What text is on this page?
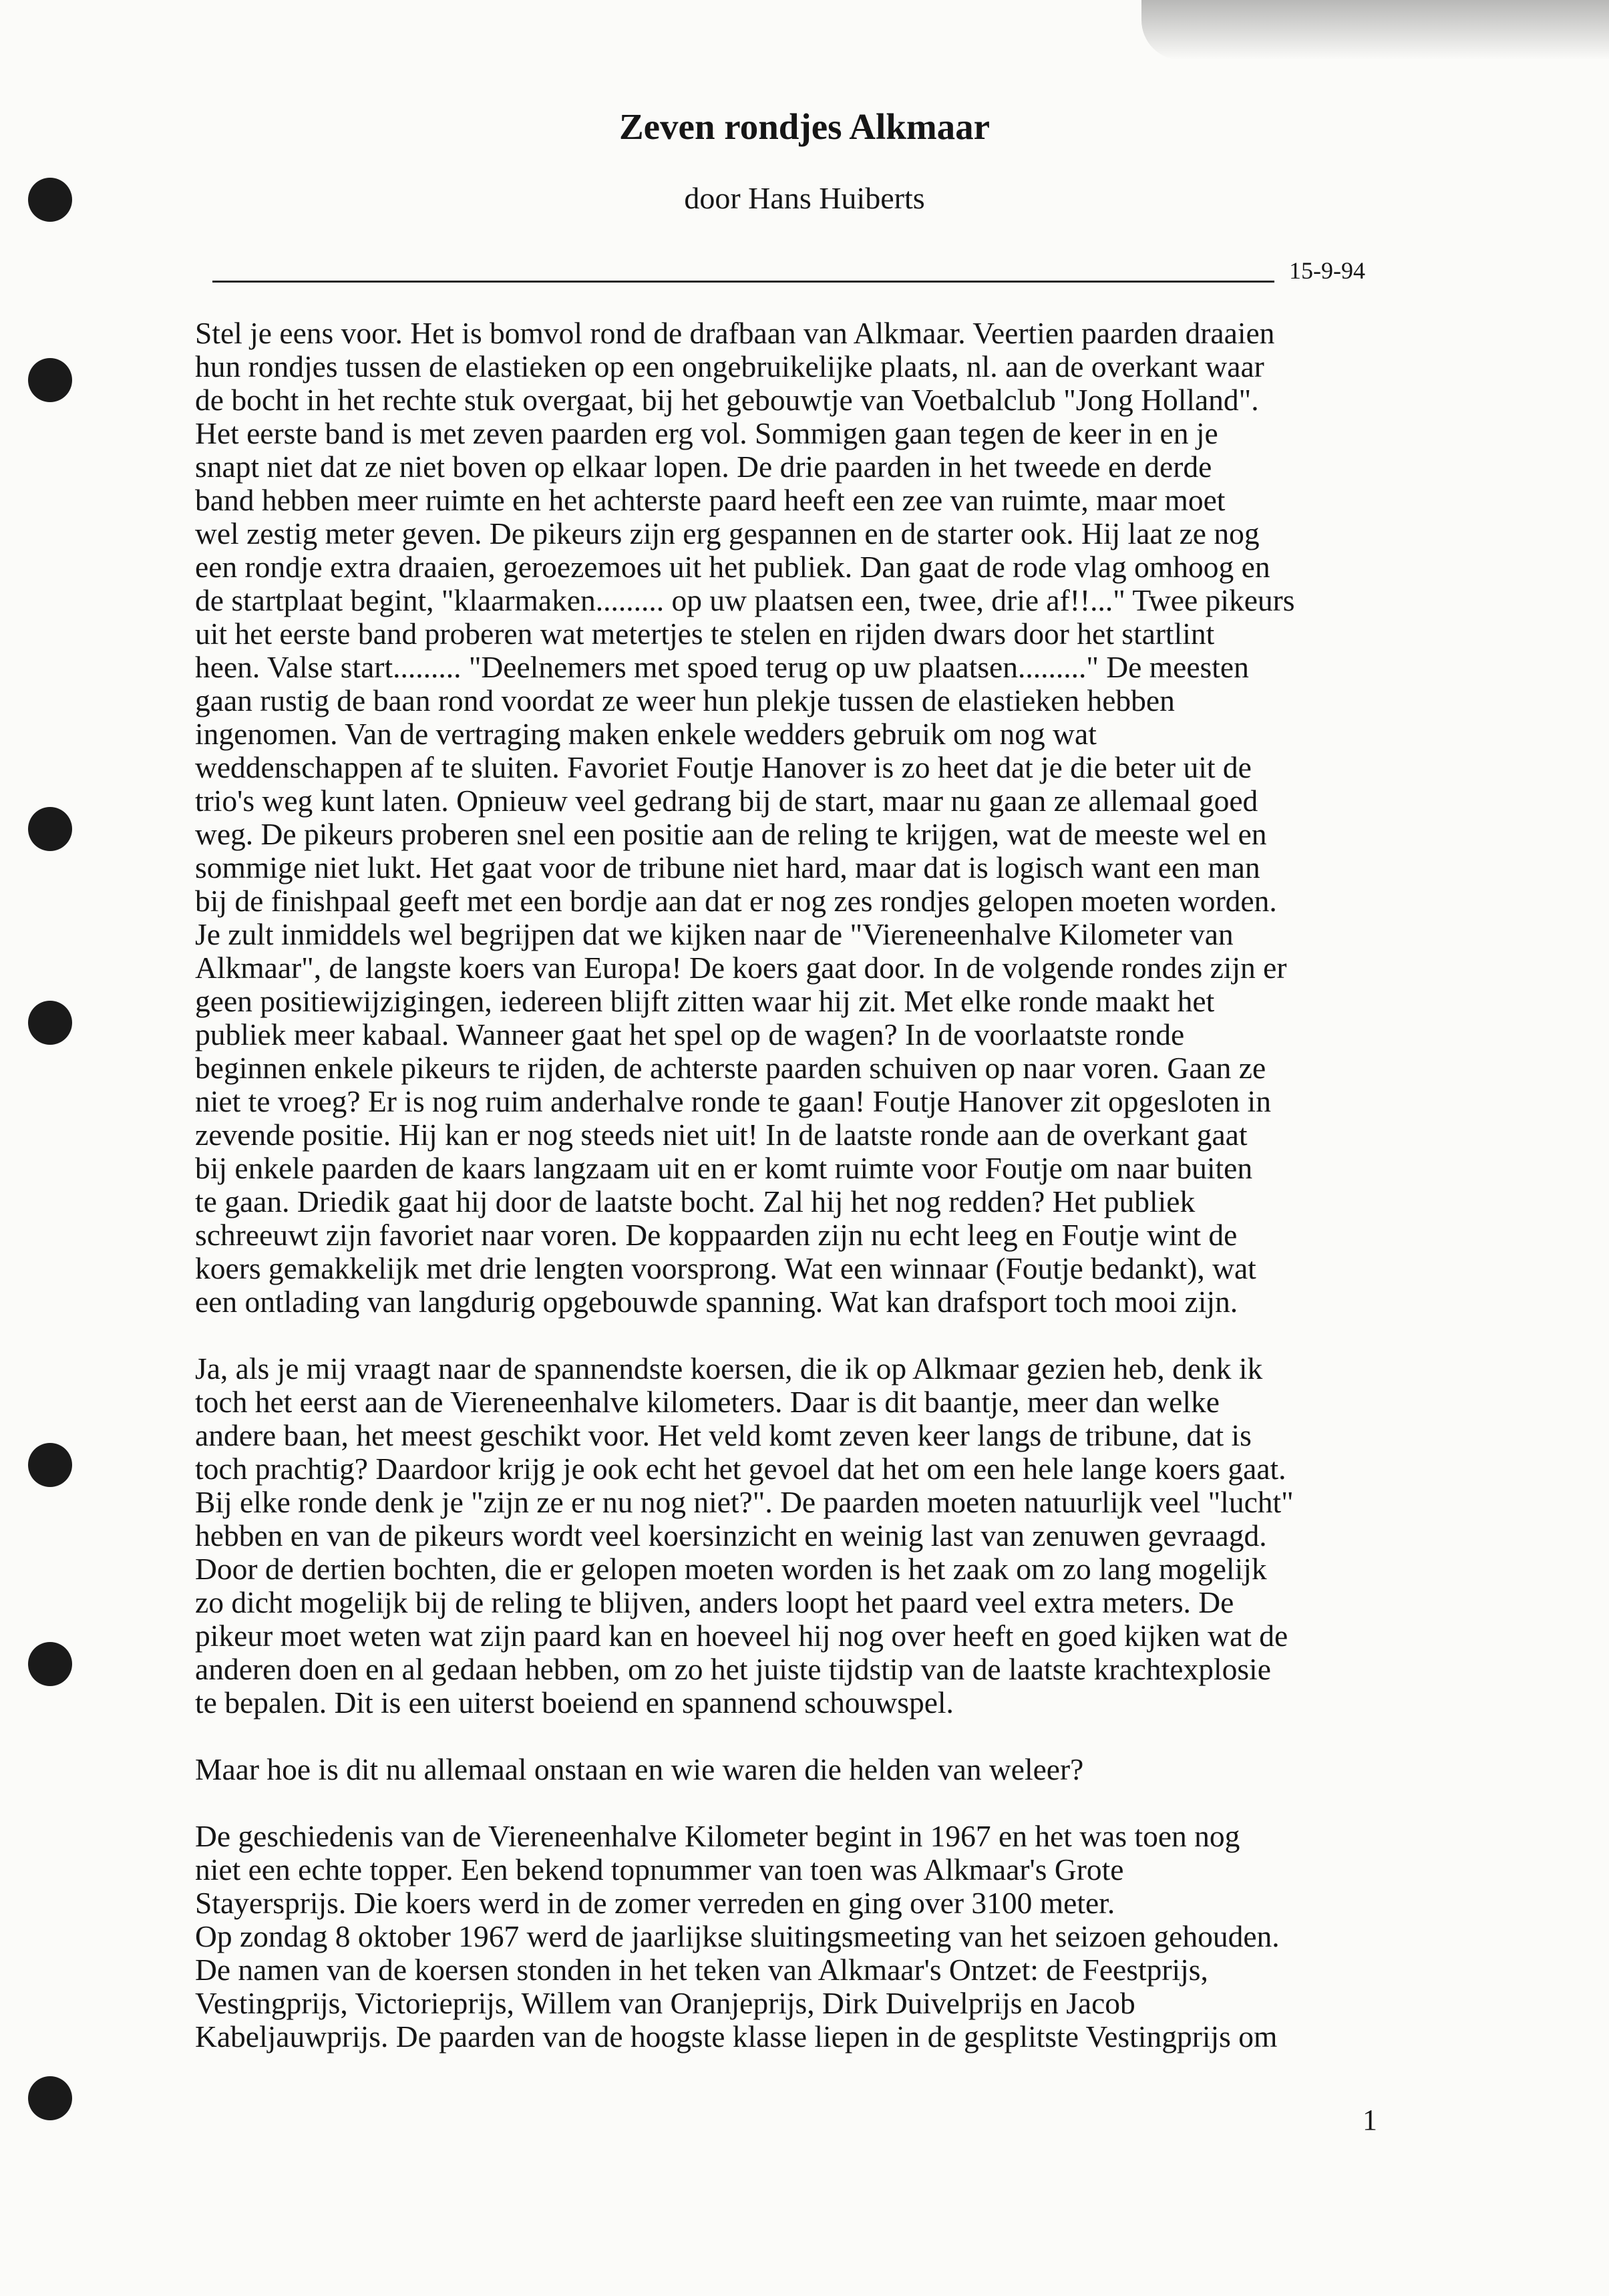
Zeven rondjes Alkmaar
door Hans Huiberts
15-9-94

Stel je eens voor. Het is bomvol rond de drafbaan van Alkmaar. Veertien paarden draaien
hun rondjes tussen de elastieken op een ongebruikelijke plaats, nl. aan de overkant waar
de bocht in het rechte stuk overgaat, bij het gebouwtje van Voetbalclub "Jong Holland".
Het eerste band is met zeven paarden erg vol. Sommigen gaan tegen de keer in en je
snapt niet dat ze niet boven op elkaar lopen. De drie paarden in het tweede en derde
band hebben meer ruimte en het achterste paard heeft een zee van ruimte, maar moet
wel zestig meter geven. De pikeurs zijn erg gespannen en de starter ook. Hij laat ze nog
een rondje extra draaien, geroezemoes uit het publiek. Dan gaat de rode vlag omhoog en
de startplaat begint, "klaarmaken......... op uw plaatsen een, twee, drie af!!..." Twee pikeurs
uit het eerste band proberen wat metertjes te stelen en rijden dwars door het startlint
heen. Valse start......... "Deelnemers met spoed terug op uw plaatsen........." De meesten
gaan rustig de baan rond voordat ze weer hun plekje tussen de elastieken hebben
ingenomen. Van de vertraging maken enkele wedders gebruik om nog wat
weddenschappen af te sluiten. Favoriet Foutje Hanover is zo heet dat je die beter uit de
trio's weg kunt laten. Opnieuw veel gedrang bij de start, maar nu gaan ze allemaal goed
weg. De pikeurs proberen snel een positie aan de reling te krijgen, wat de meeste wel en
sommige niet lukt. Het gaat voor de tribune niet hard, maar dat is logisch want een man
bij de finishpaal geeft met een bordje aan dat er nog zes rondjes gelopen moeten worden.
Je zult inmiddels wel begrijpen dat we kijken naar de "Viereneenhalve Kilometer van
Alkmaar", de langste koers van Europa! De koers gaat door. In de volgende rondes zijn er
geen positiewijzigingen, iedereen blijft zitten waar hij zit. Met elke ronde maakt het
publiek meer kabaal. Wanneer gaat het spel op de wagen? In de voorlaatste ronde
beginnen enkele pikeurs te rijden, de achterste paarden schuiven op naar voren. Gaan ze
niet te vroeg? Er is nog ruim anderhalve ronde te gaan! Foutje Hanover zit opgesloten in
zevende positie. Hij kan er nog steeds niet uit! In de laatste ronde aan de overkant gaat
bij enkele paarden de kaars langzaam uit en er komt ruimte voor Foutje om naar buiten
te gaan. Driedik gaat hij door de laatste bocht. Zal hij het nog redden? Het publiek
schreeuwt zijn favoriet naar voren. De koppaarden zijn nu echt leeg en Foutje wint de
koers gemakkelijk met drie lengten voorsprong. Wat een winnaar (Foutje bedankt), wat
een ontlading van langdurig opgebouwde spanning. Wat kan drafsport toch mooi zijn.

Ja, als je mij vraagt naar de spannendste koersen, die ik op Alkmaar gezien heb, denk ik
toch het eerst aan de Viereneenhalve kilometers. Daar is dit baantje, meer dan welke
andere baan, het meest geschikt voor. Het veld komt zeven keer langs de tribune, dat is
toch prachtig? Daardoor krijg je ook echt het gevoel dat het om een hele lange koers gaat.
Bij elke ronde denk je "zijn ze er nu nog niet?". De paarden moeten natuurlijk veel "lucht"
hebben en van de pikeurs wordt veel koersinzicht en weinig last van zenuwen gevraagd.
Door de dertien bochten, die er gelopen moeten worden is het zaak om zo lang mogelijk
zo dicht mogelijk bij de reling te blijven, anders loopt het paard veel extra meters. De
pikeur moet weten wat zijn paard kan en hoeveel hij nog over heeft en goed kijken wat de
anderen doen en al gedaan hebben, om zo het juiste tijdstip van de laatste krachtexplosie
te bepalen. Dit is een uiterst boeiend en spannend schouwspel.

Maar hoe is dit nu allemaal onstaan en wie waren die helden van weleer?

De geschiedenis van de Viereneenhalve Kilometer begint in 1967 en het was toen nog
niet een echte topper. Een bekend topnummer van toen was Alkmaar's Grote
Stayersprijs. Die koers werd in de zomer verreden en ging over 3100 meter.
Op zondag 8 oktober 1967 werd de jaarlijkse sluitingsmeeting van het seizoen gehouden.
De namen van de koersen stonden in het teken van Alkmaar's Ontzet: de Feestprijs,
Vestingprijs, Victorieprijs, Willem van Oranjeprijs, Dirk Duivelprijs en Jacob
Kabeljauwprijs. De paarden van de hoogste klasse liepen in de gesplitste Vestingprijs om

1
